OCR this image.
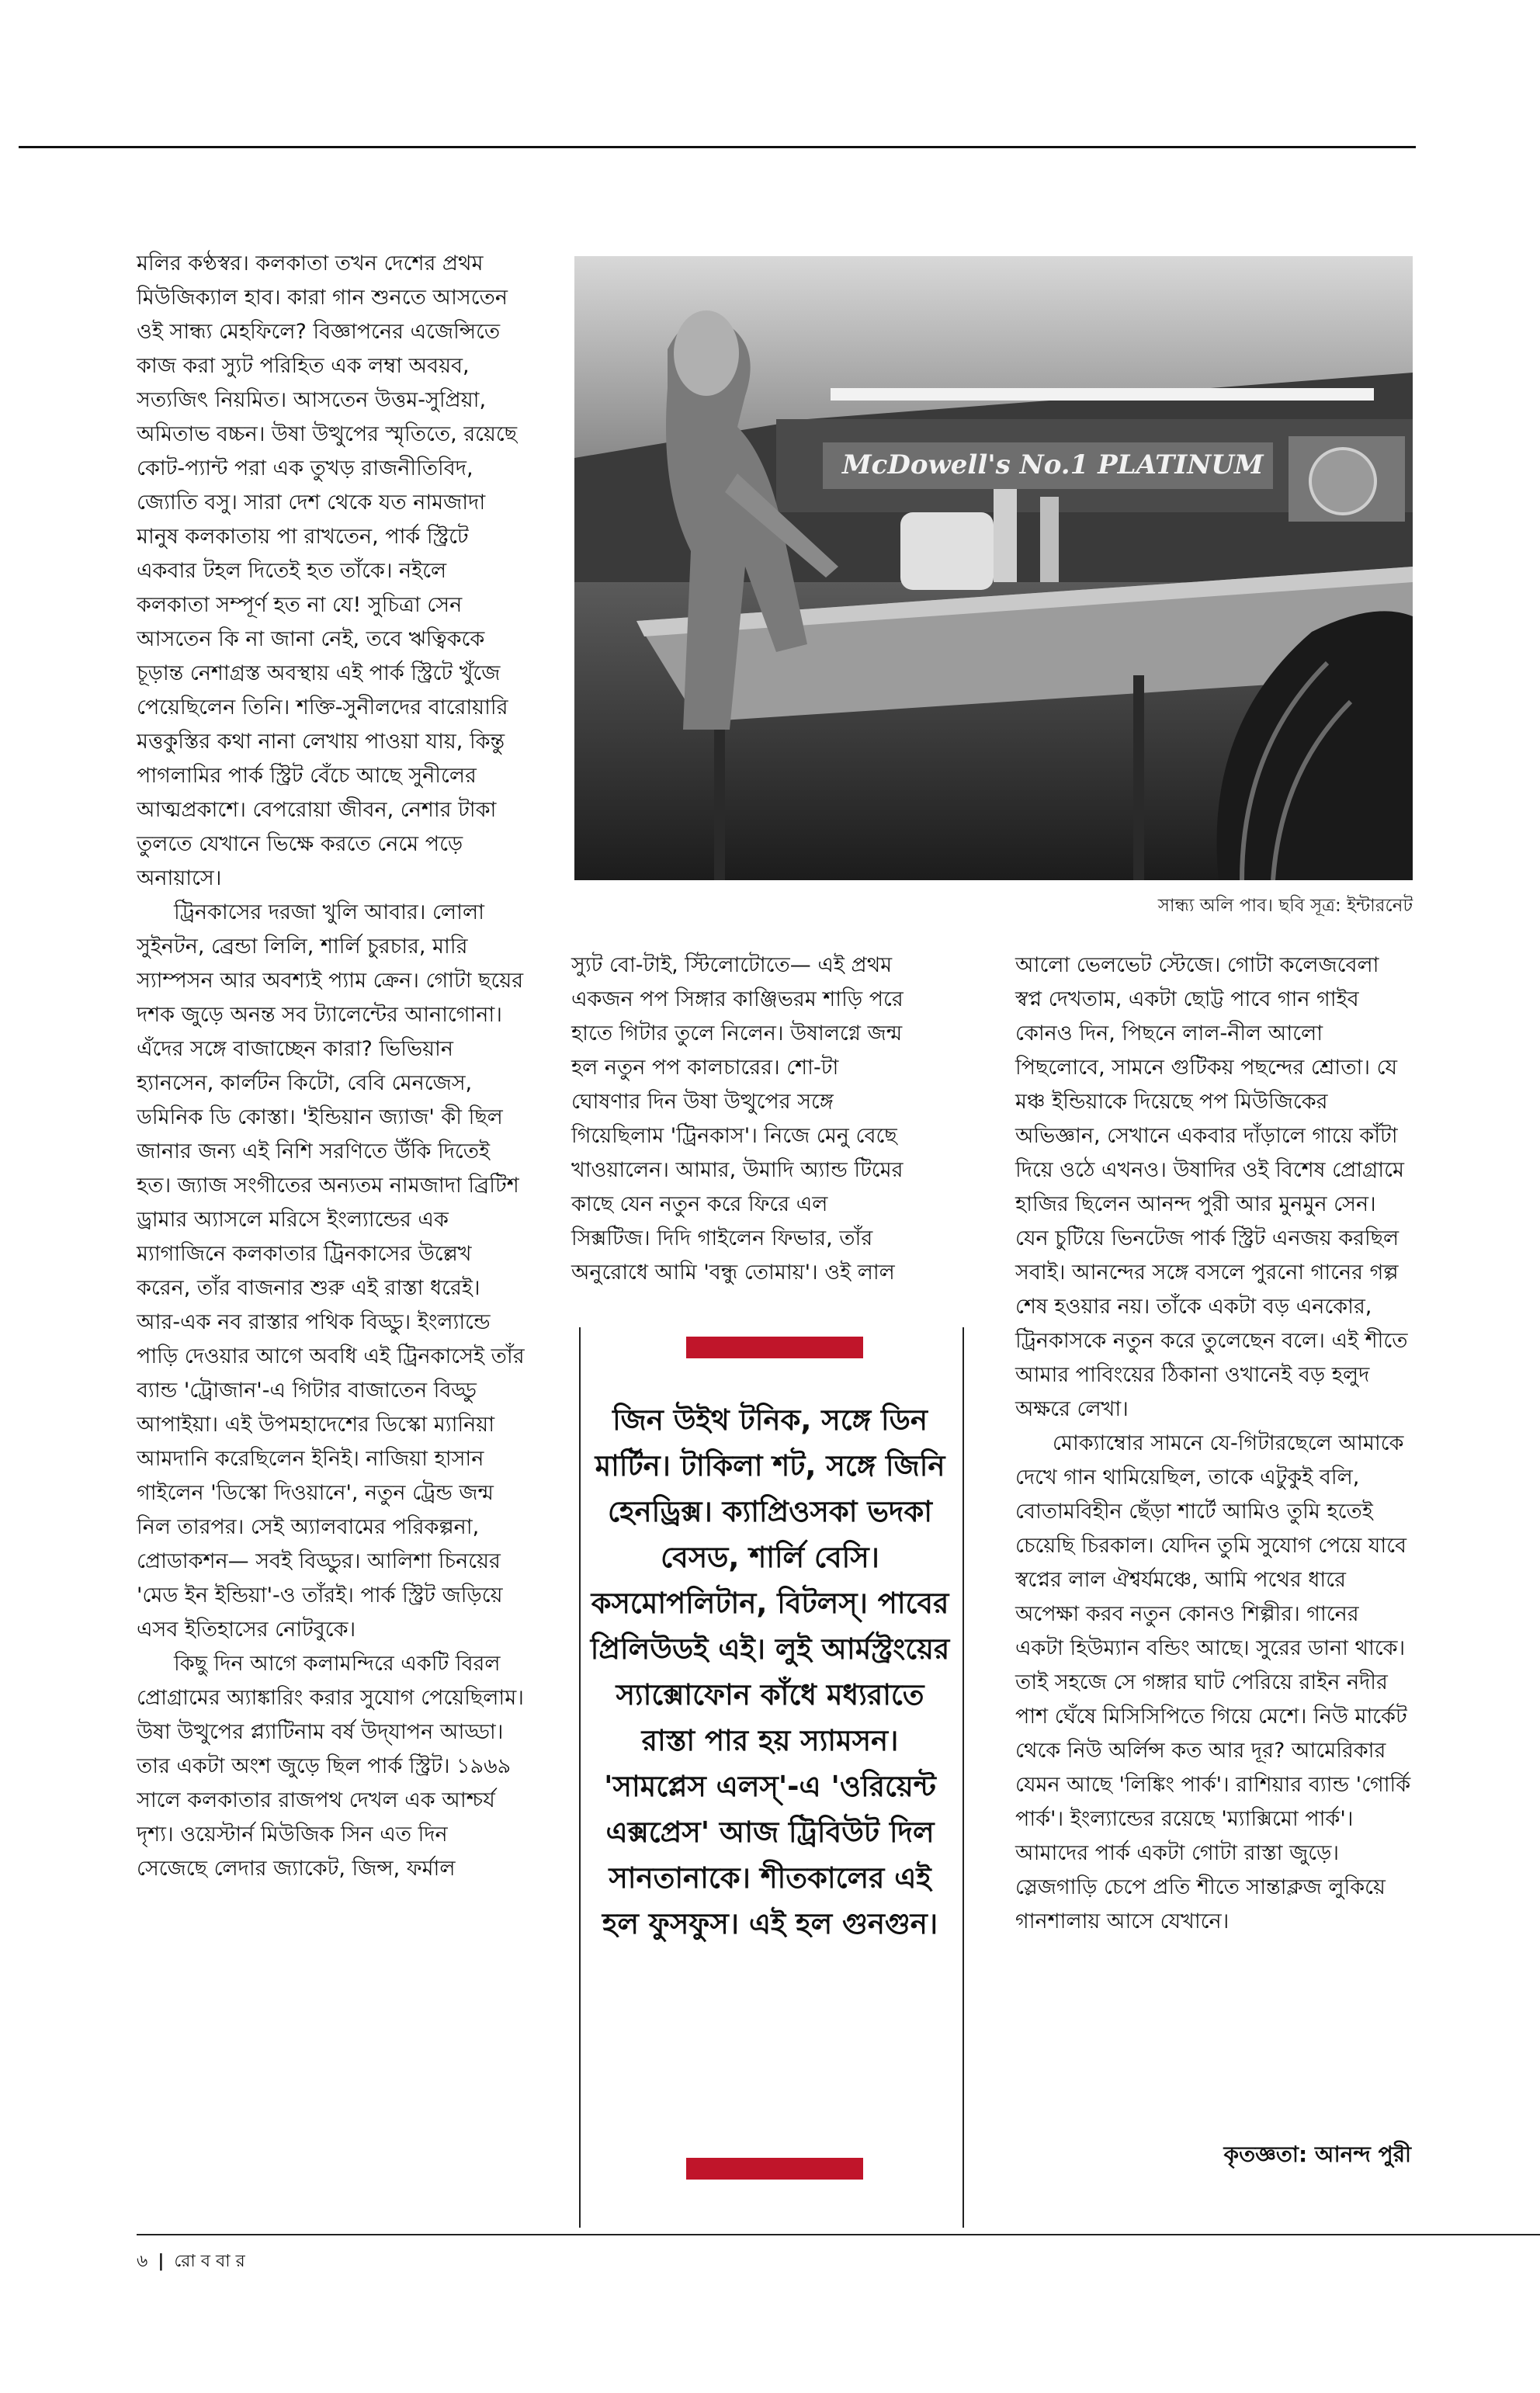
মলির কণ্ঠস্বর। কলকাতা তখন দেশের প্রথম মিউজিক্যাল হাব। কারা গান শুনতে আসতেন ওই সান্ধ্য মেহফিলে? বিজ্ঞাপনের এজেন্সিতে কাজ করা স্যুট পরিহিত এক লম্বা অবয়ব, সত্যজিৎ নিয়মিত। আসতেন উত্তম-সুপ্রিয়া, অমিতাভ বচ্চন। উষা উত্থুপের স্মৃতিতে, রয়েছে কোট-প্যান্ট পরা এক তুখড় রাজনীতিবিদ, জ্যোতি বসু। সারা দেশ থেকে যত নামজাদা মানুষ কলকাতায় পা রাখতেন, পার্ক স্ট্রিটে একবার টহল দিতেই হত তাঁকে। নইলে কলকাতা সম্পূর্ণ হত না যে! সুচিত্রা সেন আসতেন কি না জানা নেই, তবে ঋত্বিককে চূড়ান্ত নেশাগ্রস্ত অবস্থায় এই পার্ক স্ট্রিটে খুঁজে পেয়েছিলেন তিনি। শক্তি-সুনীলদের বারোয়ারি মত্তকুস্তির কথা নানা লেখায় পাওয়া যায়, কিন্তু পাগলামির পার্ক স্ট্রিট বেঁচে আছে সুনীলের আত্মপ্রকাশে। বেপরোয়া জীবন, নেশার টাকা তুলতে যেখানে ভিক্ষে করতে নেমে পড়ে অনায়াসে।

ট্রিনকাসের দরজা খুলি আবার। লোলা সুইনটন, ব্রেন্ডা লিলি, শার্লি চুরচার, মারি স্যাম্পসন আর অবশ্যই প্যাম ক্রেন। গোটা ছয়ের দশক জুড়ে অনন্ত সব ট্যালেন্টের আনাগোনা। এঁদের সঙ্গে বাজাচ্ছেন কারা? ভিভিয়ান হ্যানসেন, কার্লটন কিটো, বেবি মেনজেস, ডমিনিক ডি কোস্তা। 'ইন্ডিয়ান জ্যাজ' কী ছিল জানার জন্য এই নিশি সরণিতে উঁকি দিতেই হত। জ্যাজ সংগীতের অন্যতম নামজাদা ব্রিটিশ ড্রামার অ্যাসলে মরিসে ইংল্যান্ডের এক ম্যাগাজিনে কলকাতার ট্রিনকাসের উল্লেখ করেন, তাঁর বাজনার শুরু এই রাস্তা ধরেই। আর-এক নব রাস্তার পথিক বিড্ডু। ইংল্যান্ডে পাড়ি দেওয়ার আগে অবধি এই ট্রিনকাসেই তাঁর ব্যান্ড 'ট্রোজান'-এ গিটার বাজাতেন বিড্ডু আপাইয়া। এই উপমহাদেশের ডিস্কো ম্যানিয়া আমদানি করেছিলেন ইনিই। নাজিয়া হাসান গাইলেন 'ডিস্কো দিওয়ানে', নতুন ট্রেন্ড জন্ম নিল তারপর। সেই অ্যালবামের পরিকল্পনা, প্রোডাকশন— সবই বিড্ডুর। আলিশা চিনয়ের 'মেড ইন ইন্ডিয়া'-ও তাঁরই। পার্ক স্ট্রিট জড়িয়ে এসব ইতিহাসের নোটবুকে।

কিছু দিন আগে কলামন্দিরে একটি বিরল প্রোগ্রামের অ্যাঙ্কারিং করার সুযোগ পেয়েছিলাম। উষা উত্থুপের প্ল্যাটিনাম বর্ষ উদ্‌যাপন আড্ডা। তার একটা অংশ জুড়ে ছিল পার্ক স্ট্রিট। ১৯৬৯ সালে কলকাতার রাজপথ দেখল এক আশ্চর্য দৃশ্য। ওয়েস্টার্ন মিউজিক সিন এত দিন সেজেছে লেদার জ্যাকেট, জিন্স, ফর্মাল

McDowell's No.1 PLATINUM
সান্ধ্য অলি পাব। ছবি সূত্র: ইন্টারনেট

স্যুট বো-টাই, স্টিলোটোতে— এই প্রথম একজন পপ সিঙ্গার কাঞ্জিভরম শাড়ি পরে হাতে গিটার তুলে নিলেন। উষালগ্নে জন্ম হল নতুন পপ কালচারের। শো-টা ঘোষণার দিন উষা উত্থুপের সঙ্গে গিয়েছিলাম 'ট্রিনকাস'। নিজে মেনু বেছে খাওয়ালেন। আমার, উমাদি অ্যান্ড টিমের কাছে যেন নতুন করে ফিরে এল সিক্সটিজ। দিদি গাইলেন ফিভার, তাঁর অনুরোধে আমি 'বন্ধু তোমায়'। ওই লাল

জিন উইথ টনিক, সঙ্গে ডিন মার্টিন। টাকিলা শট, সঙ্গে জিনি হেনড্রিক্স। ক্যাপ্রিওসকা ভদকা বেসড, শার্লি বেসি। কসমোপলিটান, বিটলস্‌। পাবের প্রিলিউডই এই। লুই আর্মস্ট্রংয়ের স্যাক্সোফোন কাঁধে মধ্যরাতে রাস্তা পার হয় স্যামসন। 'সামপ্লেস এলস্'-এ 'ওরিয়েন্ট এক্সপ্রেস' আজ ট্রিবিউট দিল সানতানাকে। শীতকালের এই হল ফুসফুস। এই হল গুনগুন।

আলো ভেলভেট স্টেজে। গোটা কলেজবেলা স্বপ্ন দেখতাম, একটা ছোট্ট পাবে গান গাইব কোনও দিন, পিছনে লাল-নীল আলো পিছলোবে, সামনে গুটিকয় পছন্দের শ্রোতা। যে মঞ্চ ইন্ডিয়াকে দিয়েছে পপ মিউজিকের অভিজ্ঞান, সেখানে একবার দাঁড়ালে গায়ে কাঁটা দিয়ে ওঠে এখনও। উষাদির ওই বিশেষ প্রোগ্রামে হাজির ছিলেন আনন্দ পুরী আর মুনমুন সেন। যেন চুটিয়ে ভিনটেজ পার্ক স্ট্রিট এনজয় করছিল সবাই। আনন্দের সঙ্গে বসলে পুরনো গানের গল্প শেষ হওয়ার নয়। তাঁকে একটা বড় এনকোর, ট্রিনকাসকে নতুন করে তুলেছেন বলে। এই শীতে আমার পাবিংয়ের ঠিকানা ওখানেই বড় হলুদ অক্ষরে লেখা।

মোক্যাম্বোর সামনে যে-গিটারছেলে আমাকে দেখে গান থামিয়েছিল, তাকে এটুকুই বলি, বোতামবিহীন ছেঁড়া শার্টে আমিও তুমি হতেই চেয়েছি চিরকাল। যেদিন তুমি সুযোগ পেয়ে যাবে স্বপ্নের লাল ঐশ্বর্যমঞ্চে, আমি পথের ধারে অপেক্ষা করব নতুন কোনও শিল্পীর। গানের একটা হিউম্যান বন্ডিং আছে। সুরের ডানা থাকে। তাই সহজে সে গঙ্গার ঘাট পেরিয়ে রাইন নদীর পাশ ঘেঁষে মিসিসিপিতে গিয়ে মেশে। নিউ মার্কেট থেকে নিউ অর্লিন্স কত আর দূর? আমেরিকার যেমন আছে 'লিঙ্কিং পার্ক'। রাশিয়ার ব্যান্ড 'গোর্কি পার্ক'। ইংল্যান্ডের রয়েছে 'ম্যাক্সিমো পার্ক'। আমাদের পার্ক একটা গোটা রাস্তা জুড়ে। স্লেজগাড়ি চেপে প্রতি শীতে সান্তাক্লজ লুকিয়ে গানশালায় আসে যেখানে।

কৃতজ্ঞতা: আনন্দ পুরী
৬ | রো ব বা র
